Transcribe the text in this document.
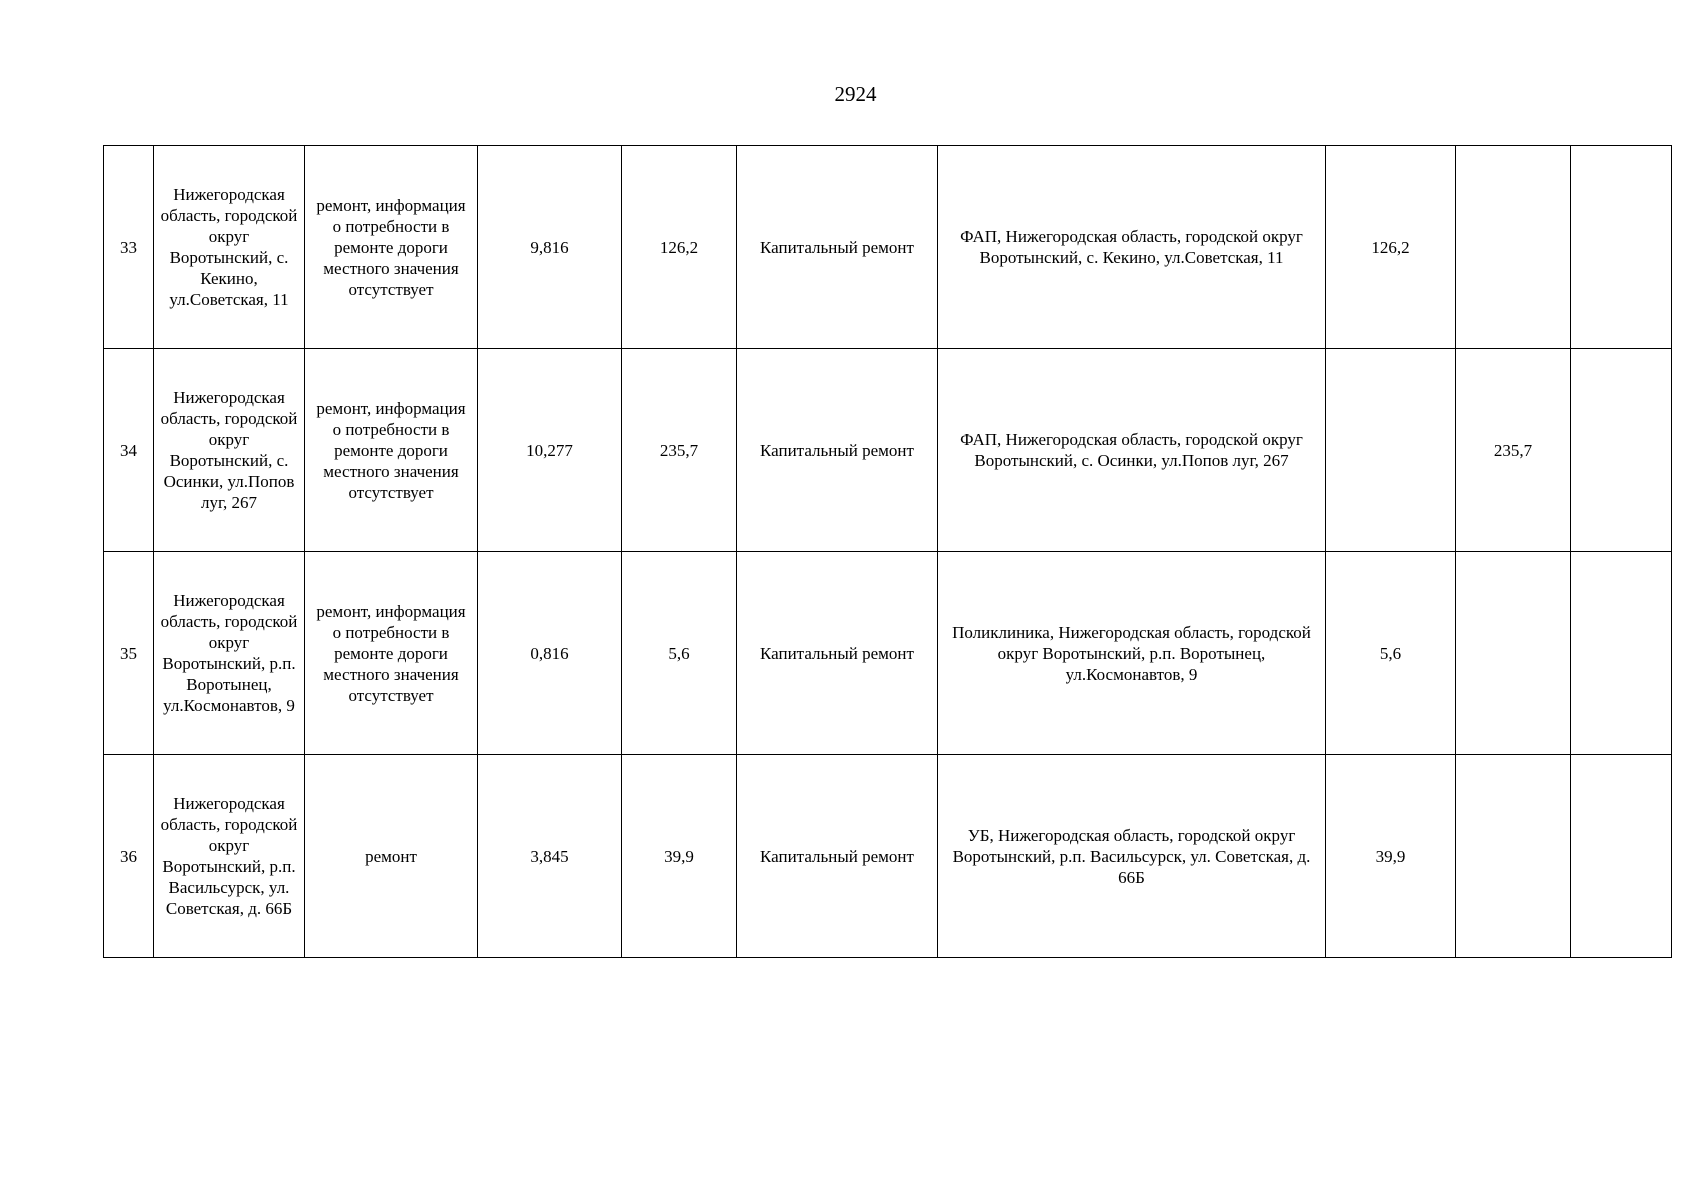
2924
33	Нижегородская область, городской округ Воротынский, с. Кекино, ул.Советская, 11	ремонт, информация о потребности в ремонте дороги местного значения отсутствует	9,816	126,2	Капитальный ремонт	ФАП, Нижегородская область, городской округ Воротынский, с. Кекино, ул.Советская, 11	126,2		
34	Нижегородская область, городской округ Воротынский, с. Осинки, ул.Попов луг, 267	ремонт, информация о потребности в ремонте дороги местного значения отсутствует	10,277	235,7	Капитальный ремонт	ФАП, Нижегородская область, городской округ Воротынский, с. Осинки, ул.Попов луг, 267		235,7	
35	Нижегородская область, городской округ Воротынский, р.п. Воротынец, ул.Космонавтов, 9	ремонт, информация о потребности в ремонте дороги местного значения отсутствует	0,816	5,6	Капитальный ремонт	Поликлиника, Нижегородская область, городской округ Воротынский, р.п. Воротынец, ул.Космонавтов, 9	5,6		
36	Нижегородская область, городской округ Воротынский, р.п. Васильсурск, ул. Советская, д. 66Б	ремонт	3,845	39,9	Капитальный ремонт	УБ, Нижегородская область, городской округ Воротынский, р.п. Васильсурск, ул. Советская, д. 66Б	39,9		
